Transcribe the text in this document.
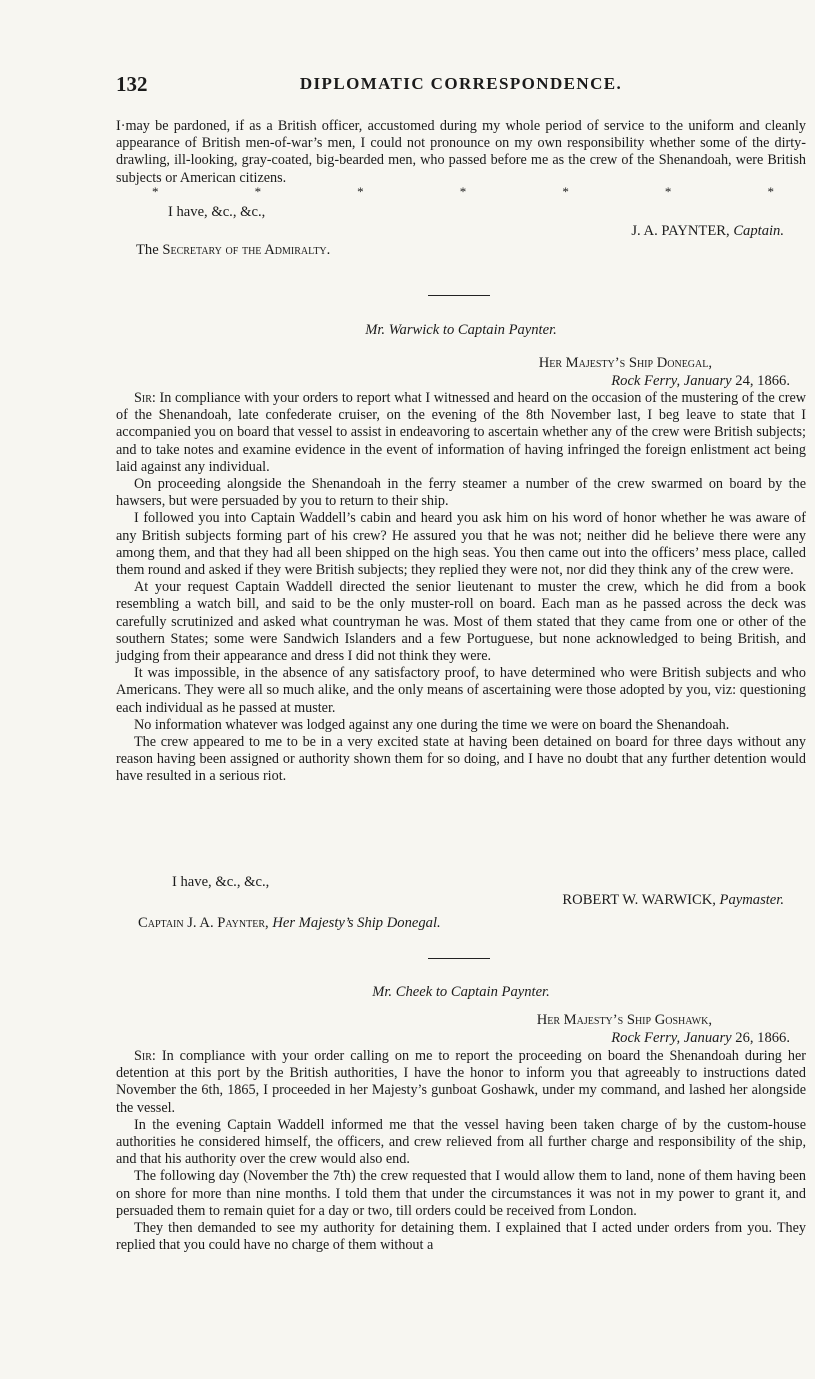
132	DIPLOMATIC CORRESPONDENCE.

I·may be pardoned, if as a British officer, accustomed during my whole period of service to the uniform and cleanly appearance of British men-of-war’s men, I could not pronounce on my own responsibility whether some of the dirty-drawling, ill-looking, gray-coated, big-bearded men, who passed before me as the crew of the Shenandoah, were British subjects or American citizens.

*	*	*	*	*	*	*
I have, &c., &c.,
J. A. PAYNTER, Captain.
The Secretary of the Admiralty.
Mr. Warwick to Captain Paynter.
Her Majesty’s Ship Donegal,
Rock Ferry, January 24, 1866.

Sir: In compliance with your orders to report what I witnessed and heard on the occasion of the mustering of the crew of the Shenandoah, late confederate cruiser, on the evening of the 8th November last, I beg leave to state that I accompanied you on board that vessel to assist in endeavoring to ascertain whether any of the crew were British subjects; and to take notes and examine evidence in the event of information of having infringed the foreign enlistment act being laid against any individual.

On proceeding alongside the Shenandoah in the ferry steamer a number of the crew swarmed on board by the hawsers, but were persuaded by you to return to their ship.

I followed you into Captain Waddell’s cabin and heard you ask him on his word of honor whether he was aware of any British subjects forming part of his crew? He assured you that he was not; neither did he believe there were any among them, and that they had all been shipped on the high seas. You then came out into the officers’ mess place, called them round and asked if they were British subjects; they replied they were not, nor did they think any of the crew were.

At your request Captain Waddell directed the senior lieutenant to muster the crew, which he did from a book resembling a watch bill, and said to be the only muster-roll on board. Each man as he passed across the deck was carefully scrutinized and asked what countryman he was. Most of them stated that they came from one or other of the southern States; some were Sandwich Islanders and a few Portuguese, but none acknowledged to being British, and judging from their appearance and dress I did not think they were.

It was impossible, in the absence of any satisfactory proof, to have determined who were British subjects and who Americans. They were all so much alike, and the only means of ascertaining were those adopted by you, viz: questioning each individual as he passed at muster.

No information whatever was lodged against any one during the time we were on board the Shenandoah.

The crew appeared to me to be in a very excited state at having been detained on board for three days without any reason having been assigned or authority shown them for so doing, and I have no doubt that any further detention would have resulted in a serious riot.

I have, &c., &c.,
ROBERT W. WARWICK, Paymaster.
Captain J. A. Paynter, Her Majesty’s Ship Donegal.
Mr. Cheek to Captain Paynter.
Her Majesty’s Ship Goshawk,
Rock Ferry, January 26, 1866.

Sir: In compliance with your order calling on me to report the proceeding on board the Shenandoah during her detention at this port by the British authorities, I have the honor to inform you that agreeably to instructions dated November the 6th, 1865, I proceeded in her Majesty’s gunboat Goshawk, under my command, and lashed her alongside the vessel.

In the evening Captain Waddell informed me that the vessel having been taken charge of by the custom-house authorities he considered himself, the officers, and crew relieved from all further charge and responsibility of the ship, and that his authority over the crew would also end.

The following day (November the 7th) the crew requested that I would allow them to land, none of them having been on shore for more than nine months. I told them that under the circumstances it was not in my power to grant it, and persuaded them to remain quiet for a day or two, till orders could be received from London.

They then demanded to see my authority for detaining them. I explained that I acted under orders from you. They replied that you could have no charge of them without a
